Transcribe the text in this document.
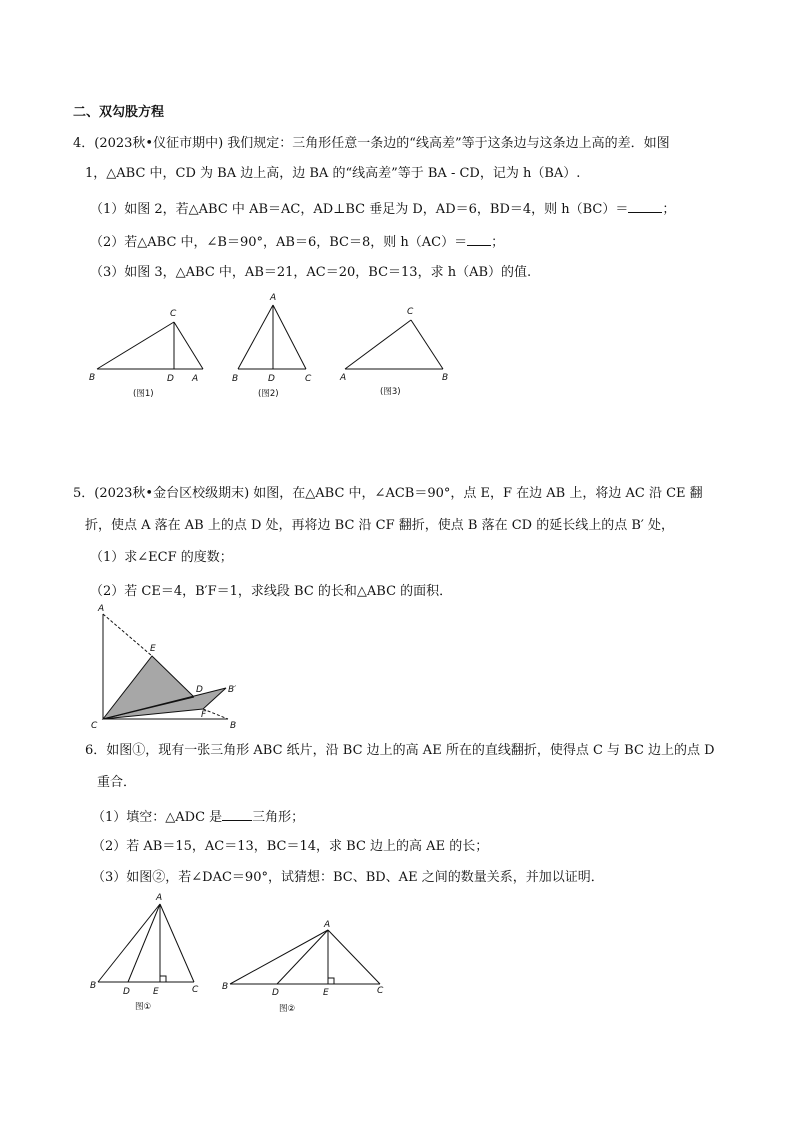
二、双勾股方程
4．(2023秋•仪征市期中) 我们规定：三角形任意一条边的“线高差”等于这条边与这条边上高的差．如图
1，△ABC 中，CD 为 BA 边上高，边 BA 的“线高差”等于 BA - CD，记为 h（BA）.
（1）如图 2，若△ABC 中 AB＝AC，AD⊥BC 垂足为 D，AD＝6，BD＝4，则 h（BC）＝	；
（2）若△ABC 中，∠B＝90°，AB＝6，BC＝8，则 h（AC）＝ ；
（3）如图 3，△ABC 中，AB＝21，AC＝20，BC＝13，求 h（AB）的值.
C
B	D A
(图1)
A
B	D	C
(图2)
C
A	B
(图3)
5．(2023秋•金台区校级期末) 如图，在△ABC 中，∠ACB＝90°，点 E，F 在边 AB 上，将边 AC 沿 CE 翻
折，使点 A 落在 AB 上的点 D 处，再将边 BC 沿 CF 翻折，使点 B 落在 CD 的延长线上的点 B′ 处，
（1）求∠ECF 的度数；
（2）若 CE＝4，B′F＝1，求线段 BC 的长和△ABC 的面积．
A
E
D	B′
F
C	B
6．如图①，现有一张三角形 ABC 纸片，沿 BC 边上的高 AE 所在的直线翻折，使得点 C 与 BC 边上的点 D
重合．
（1）填空：△ADC 是 三角形；
（2）若 AB＝15，AC＝13，BC＝14，求 BC 边上的高 AE 的长；
（3）如图②，若∠DAC＝90°，试猜想：BC、BD、AE 之间的数量关系，并加以证明．
A
B
D	E	C
图①
A
B
D	E	C
图②
